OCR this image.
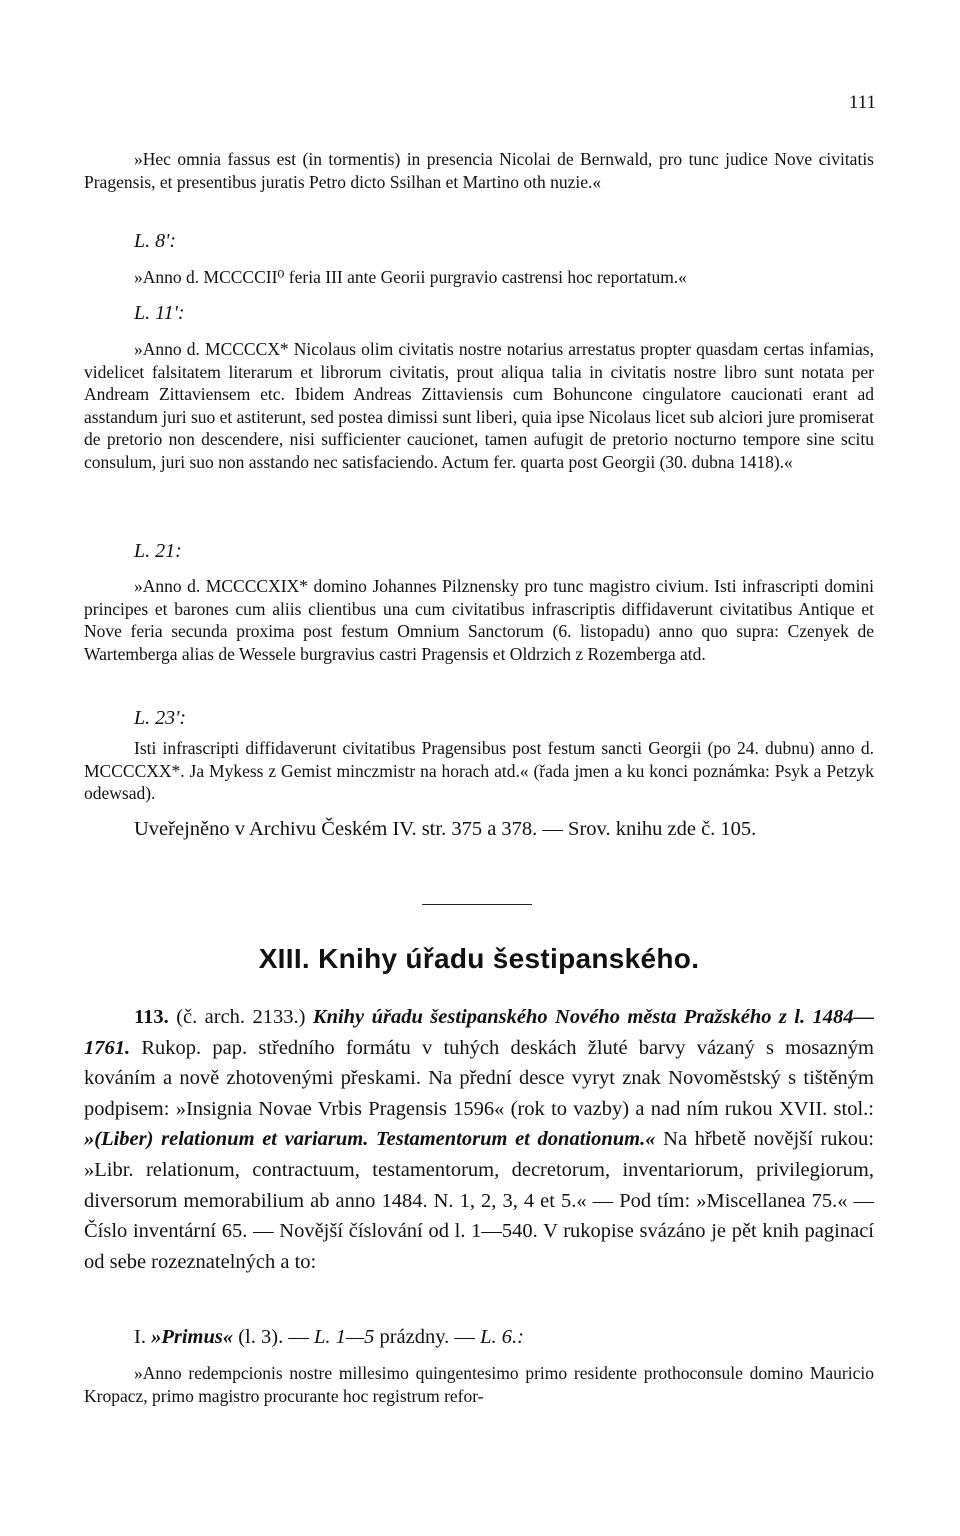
111
»Hec omnia fassus est (in tormentis) in presencia Nicolai de Bernwald, pro tunc judice Nove civitatis Pragensis, et presentibus juratis Petro dicto Ssilhan et Martino oth nuzie.«
L. 8':
»Anno d. MCCCCII⁰ feria III ante Georii purgravio castrensi hoc reportatum.«
L. 11':
»Anno d. MCCCCX* Nicolaus olim civitatis nostre notarius arrestatus propter quasdam certas infamias, videlicet falsitatem literarum et librorum civitatis, prout aliqua talia in civitatis nostre libro sunt notata per Andream Zittaviensem etc. Ibidem Andreas Zittaviensis cum Bohuncone cingulatore caucionati erant ad asstandum juri suo et astiterunt, sed postea dimissi sunt liberi, quia ipse Nicolaus licet sub alciori jure promiserat de pretorio non descendere, nisi sufficienter caucionet, tamen aufugit de pretorio nocturno tempore sine scitu consulum, juri suo non asstando nec satisfaciendo. Actum fer. quarta post Georgii (30. dubna 1418).«
L. 21:
»Anno d. MCCCCXIX* domino Johannes Pilznensky pro tunc magistro civium. Isti infrascripti domini principes et barones cum aliis clientibus una cum civitatibus infrascriptis diffidaverunt civitatibus Antique et Nove feria secunda proxima post festum Omnium Sanctorum (6. listopadu) anno quo supra: Czenyek de Wartemberga alias de Wessele burgravius castri Pragensis et Oldrzich z Rozemberga atd.
L. 23':
Isti infrascripti diffidaverunt civitatibus Pragensibus post festum sancti Georgii (po 24. dubnu) anno d. MCCCCXX*. Ja Mykess z Gemist minczmistr na horach atd.« (řada jmen a ku konci poznámka: Psyk a Petzyk odewsad).
Uveřejněno v Archivu Českém IV. str. 375 a 378. — Srov. knihu zde č. 105.
XIII. Knihy úřadu šestipanského.
113. (č. arch. 2133.) Knihy úřadu šestipanského Nového města Pražského z l. 1484—1761. Rukop. pap. středního formátu v tuhých deskách žluté barvy vázaný s mosazným kováním a nově zhotovenými přeskami. Na přední desce vyryt znak Novoměstský s tištěným podpisem: »Insignia Novae Vrbis Pragensis 1596« (rok to vazby) a nad ním rukou XVII. stol.: »(Liber) relationum et variarum. Testamentorum et donationum.« Na hřbetě novější rukou: »Libr. relationum, contractuum, testamentorum, decretorum, inventariorum, privilegiorum, diversorum memorabilium ab anno 1484. N. 1, 2, 3, 4 et 5.« — Pod tím: »Miscellanea 75.« — Číslo inventární 65. — Novější číslování od l. 1—540. V rukopise svázáno je pět knih paginací od sebe rozeznatelných a to:
I. »Primus« (l. 3). — L. 1—5 prázdny. — L. 6.:
»Anno redempcionis nostre millesimo quingentesimo primo residente prothoconsule domino Mauricio Kropacz, primo magistro procurante hoc registrum refor-
